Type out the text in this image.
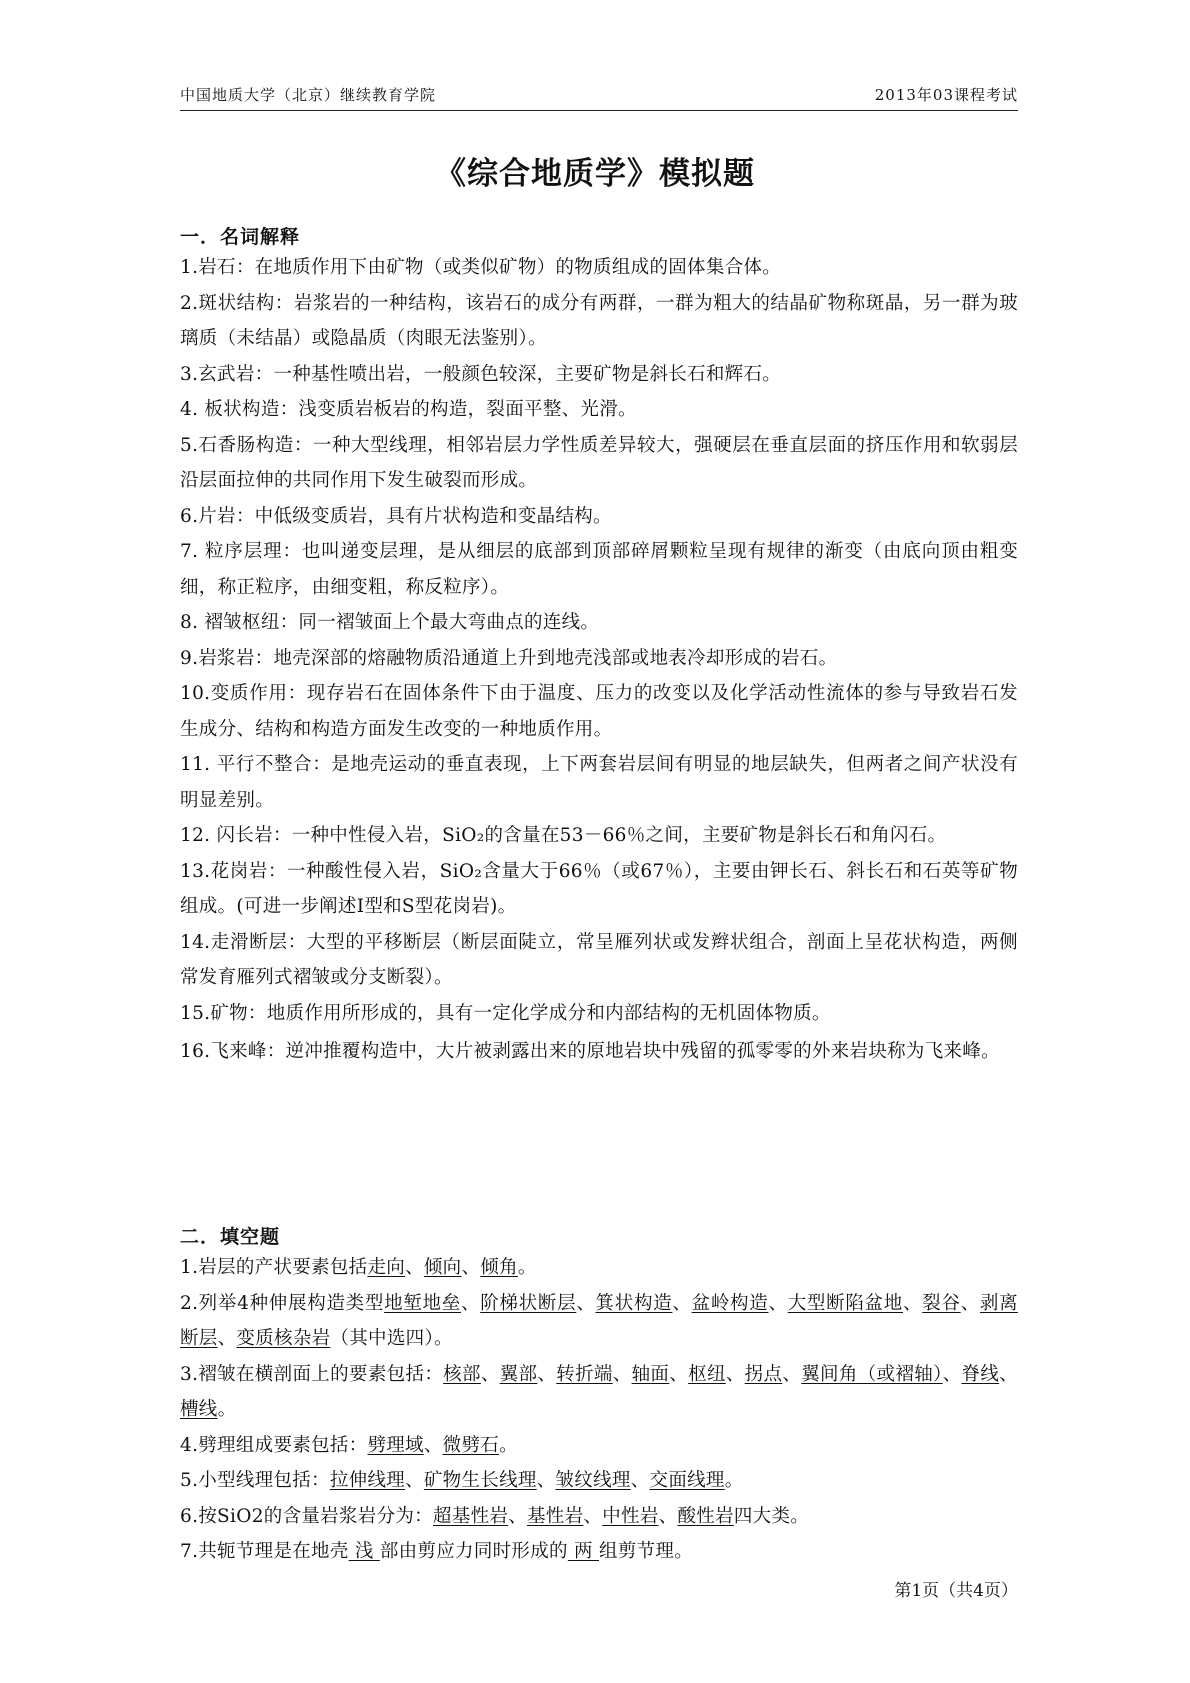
中国地质大学（北京）继续教育学院	2013年03课程考试
《综合地质学》模拟题
一．名词解释

1.岩石：在地质作用下由矿物（或类似矿物）的物质组成的固体集合体。

2.斑状结构：岩浆岩的一种结构，该岩石的成分有两群，一群为粗大的结晶矿物称斑晶，另一群为玻璃质（未结晶）或隐晶质（肉眼无法鉴别）。

3.玄武岩：一种基性喷出岩，一般颜色较深，主要矿物是斜长石和辉石。

4. 板状构造：浅变质岩板岩的构造，裂面平整、光滑。

5.石香肠构造：一种大型线理，相邻岩层力学性质差异较大，强硬层在垂直层面的挤压作用和软弱层沿层面拉伸的共同作用下发生破裂而形成。

6.片岩：中低级变质岩，具有片状构造和变晶结构。

7. 粒序层理：也叫递变层理，是从细层的底部到顶部碎屑颗粒呈现有规律的渐变（由底向顶由粗变细，称正粒序，由细变粗，称反粒序）。

8. 褶皱枢纽：同一褶皱面上个最大弯曲点的连线。

9.岩浆岩：地壳深部的熔融物质沿通道上升到地壳浅部或地表冷却形成的岩石。

10.变质作用：现存岩石在固体条件下由于温度、压力的改变以及化学活动性流体的参与导致岩石发生成分、结构和构造方面发生改变的一种地质作用。

11. 平行不整合：是地壳运动的垂直表现，上下两套岩层间有明显的地层缺失，但两者之间产状没有明显差别。

12. 闪长岩：一种中性侵入岩，SiO₂的含量在53－66％之间，主要矿物是斜长石和角闪石。

13.花岗岩：一种酸性侵入岩，SiO₂含量大于66％（或67％），主要由钾长石、斜长石和石英等矿物组成。(可进一步阐述Ⅰ型和S型花岗岩)。

14.走滑断层：大型的平移断层（断层面陡立，常呈雁列状或发辫状组合，剖面上呈花状构造，两侧常发育雁列式褶皱或分支断裂）。

15.矿物：地质作用所形成的，具有一定化学成分和内部结构的无机固体物质。

16.飞来峰：逆冲推覆构造中，大片被剥露出来的原地岩块中残留的孤零零的外来岩块称为飞来峰。

二．填空题

1.岩层的产状要素包括走向、倾向、倾角。

2.列举4种伸展构造类型地堑地垒、阶梯状断层、箕状构造、盆岭构造、大型断陷盆地、裂谷、剥离断层、变质核杂岩（其中选四）。

3.褶皱在横剖面上的要素包括：核部、翼部、转折端、轴面、枢纽、拐点、翼间角（或褶轴）、脊线、槽线。

4.劈理组成要素包括：劈理域、微劈石。

5.小型线理包括：拉伸线理、矿物生长线理、皱纹线理、交面线理。

6.按SiO2的含量岩浆岩分为：超基性岩、基性岩、中性岩、酸性岩四大类。

7.共轭节理是在地壳 浅 部由剪应力同时形成的 两 组剪节理。

第1页（共4页）
